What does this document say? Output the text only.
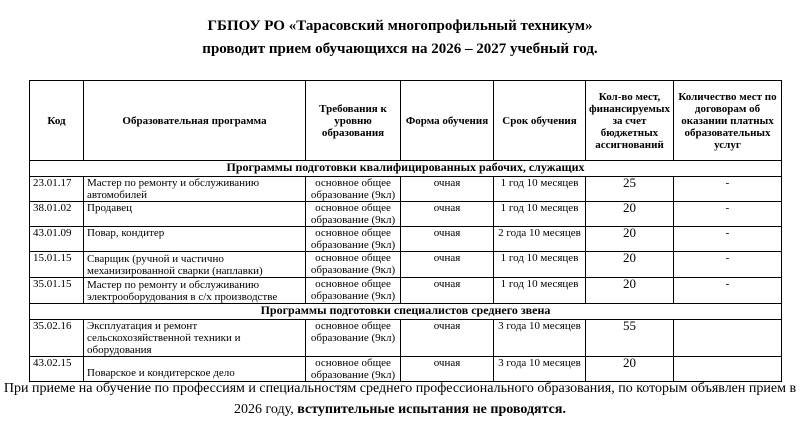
ГБПОУ РО «Тарасовский многопрофильный техникум»
проводит прием обучающихся на 2026 – 2027 учебный год.
Код	Образовательная программа	Требования к уровню образования	Форма обучения	Срок обучения	Кол-во мест, финансируемых за счет бюджетных ассигнований	Количество мест по договорам об оказании платных образовательных услуг
Программы подготовки квалифицированных рабочих, служащих						
23.01.17	Мастер по ремонту и обслуживанию автомобилей	основное общее образование (9кл)	очная	1 год 10 месяцев	25	-
38.01.02	Продавец	основное общее образование (9кл)	очная	1 год 10 месяцев	20	-
43.01.09	Повар, кондитер	основное общее образование (9кл)	очная	2 года 10 месяцев	20	-
15.01.15	Сварщик (ручной и частично механизированной сварки (наплавки)	основное общее образование (9кл)	очная	1 год 10 месяцев	20	-
35.01.15	Мастер по ремонту и обслуживанию электрооборудования в с/х производстве	основное общее образование (9кл)	очная	1 год 10 месяцев	20	-
Программы подготовки специалистов среднего звена						
35.02.16	Эксплуатация и ремонт сельскохозяйственной техники и оборудования	основное общее образование (9кл)	очная	3 года 10 месяцев	55	
43.02.15	Поварское и кондитерское дело	основное общее образование (9кл)	очная	3 года 10 месяцев	20	
При приеме на обучение по профессиям и специальностям среднего профессионального образования, по которым объявлен прием в 2026 году, вступительные испытания не проводятся.
